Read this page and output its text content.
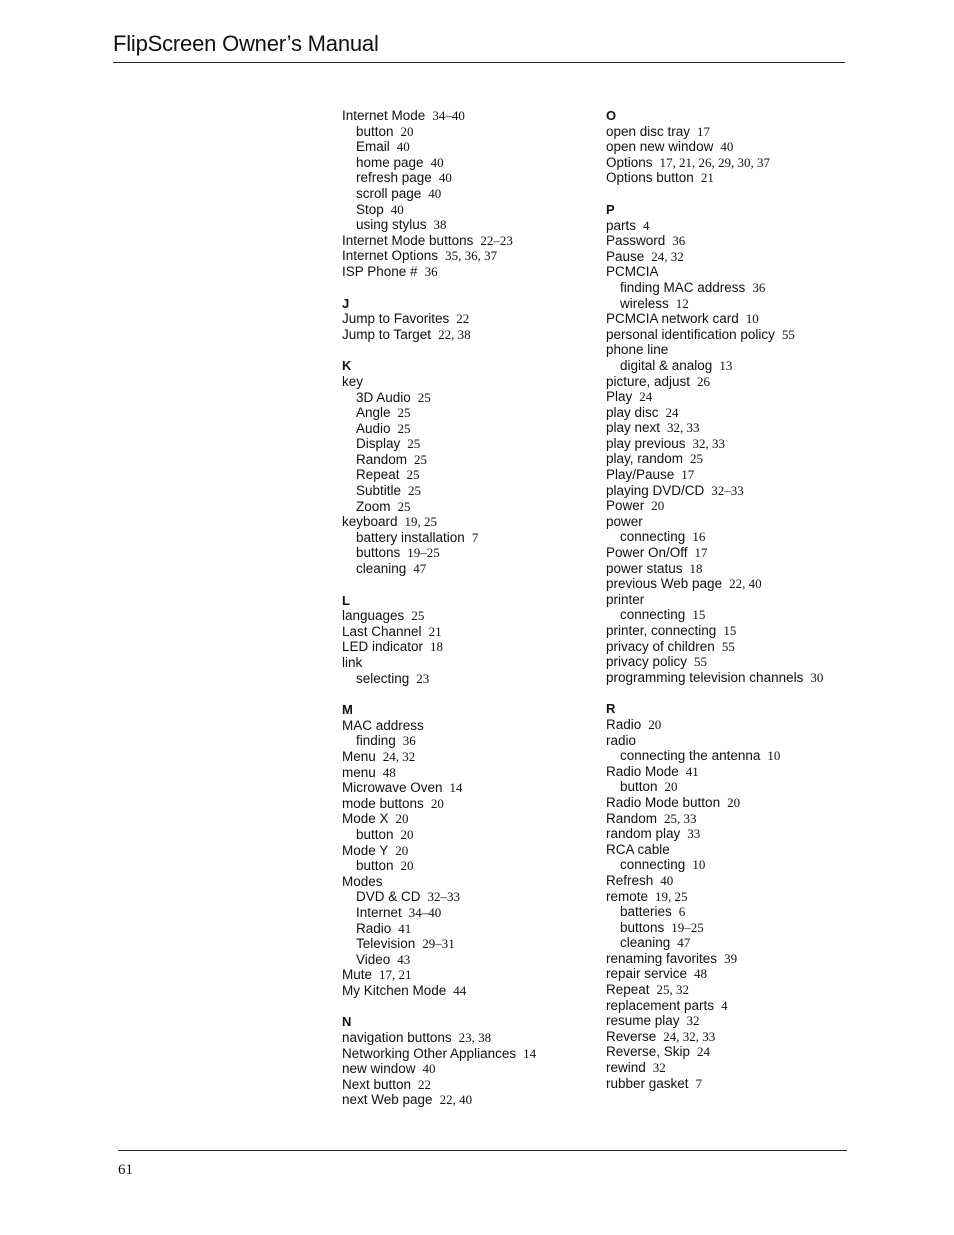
FlipScreen Owner’s Manual
Internet Mode 34–40
button 20
Email 40
home page 40
refresh page 40
scroll page 40
Stop 40
using stylus 38
Internet Mode buttons 22–23
Internet Options 35, 36, 37
ISP Phone # 36
J
Jump to Favorites 22
Jump to Target 22, 38
K
key
3D Audio 25
Angle 25
Audio 25
Display 25
Random 25
Repeat 25
Subtitle 25
Zoom 25
keyboard 19, 25
battery installation 7
buttons 19–25
cleaning 47
L
languages 25
Last Channel 21
LED indicator 18
link
selecting 23
M
MAC address
finding 36
Menu 24, 32
menu 48
Microwave Oven 14
mode buttons 20
Mode X 20
button 20
Mode Y 20
button 20
Modes
DVD & CD 32–33
Internet 34–40
Radio 41
Television 29–31
Video 43
Mute 17, 21
My Kitchen Mode 44
N
navigation buttons 23, 38
Networking Other Appliances 14
new window 40
Next button 22
next Web page 22, 40
O
open disc tray 17
open new window 40
Options 17, 21, 26, 29, 30, 37
Options button 21
P
parts 4
Password 36
Pause 24, 32
PCMCIA
finding MAC address 36
wireless 12
PCMCIA network card 10
personal identification policy 55
phone line
digital & analog 13
picture, adjust 26
Play 24
play disc 24
play next 32, 33
play previous 32, 33
play, random 25
Play/Pause 17
playing DVD/CD 32–33
Power 20
power
connecting 16
Power On/Off 17
power status 18
previous Web page 22, 40
printer
connecting 15
printer, connecting 15
privacy of children 55
privacy policy 55
programming television channels 30
R
Radio 20
radio
connecting the antenna 10
Radio Mode 41
button 20
Radio Mode button 20
Random 25, 33
random play 33
RCA cable
connecting 10
Refresh 40
remote 19, 25
batteries 6
buttons 19–25
cleaning 47
renaming favorites 39
repair service 48
Repeat 25, 32
replacement parts 4
resume play 32
Reverse 24, 32, 33
Reverse, Skip 24
rewind 32
rubber gasket 7
61
